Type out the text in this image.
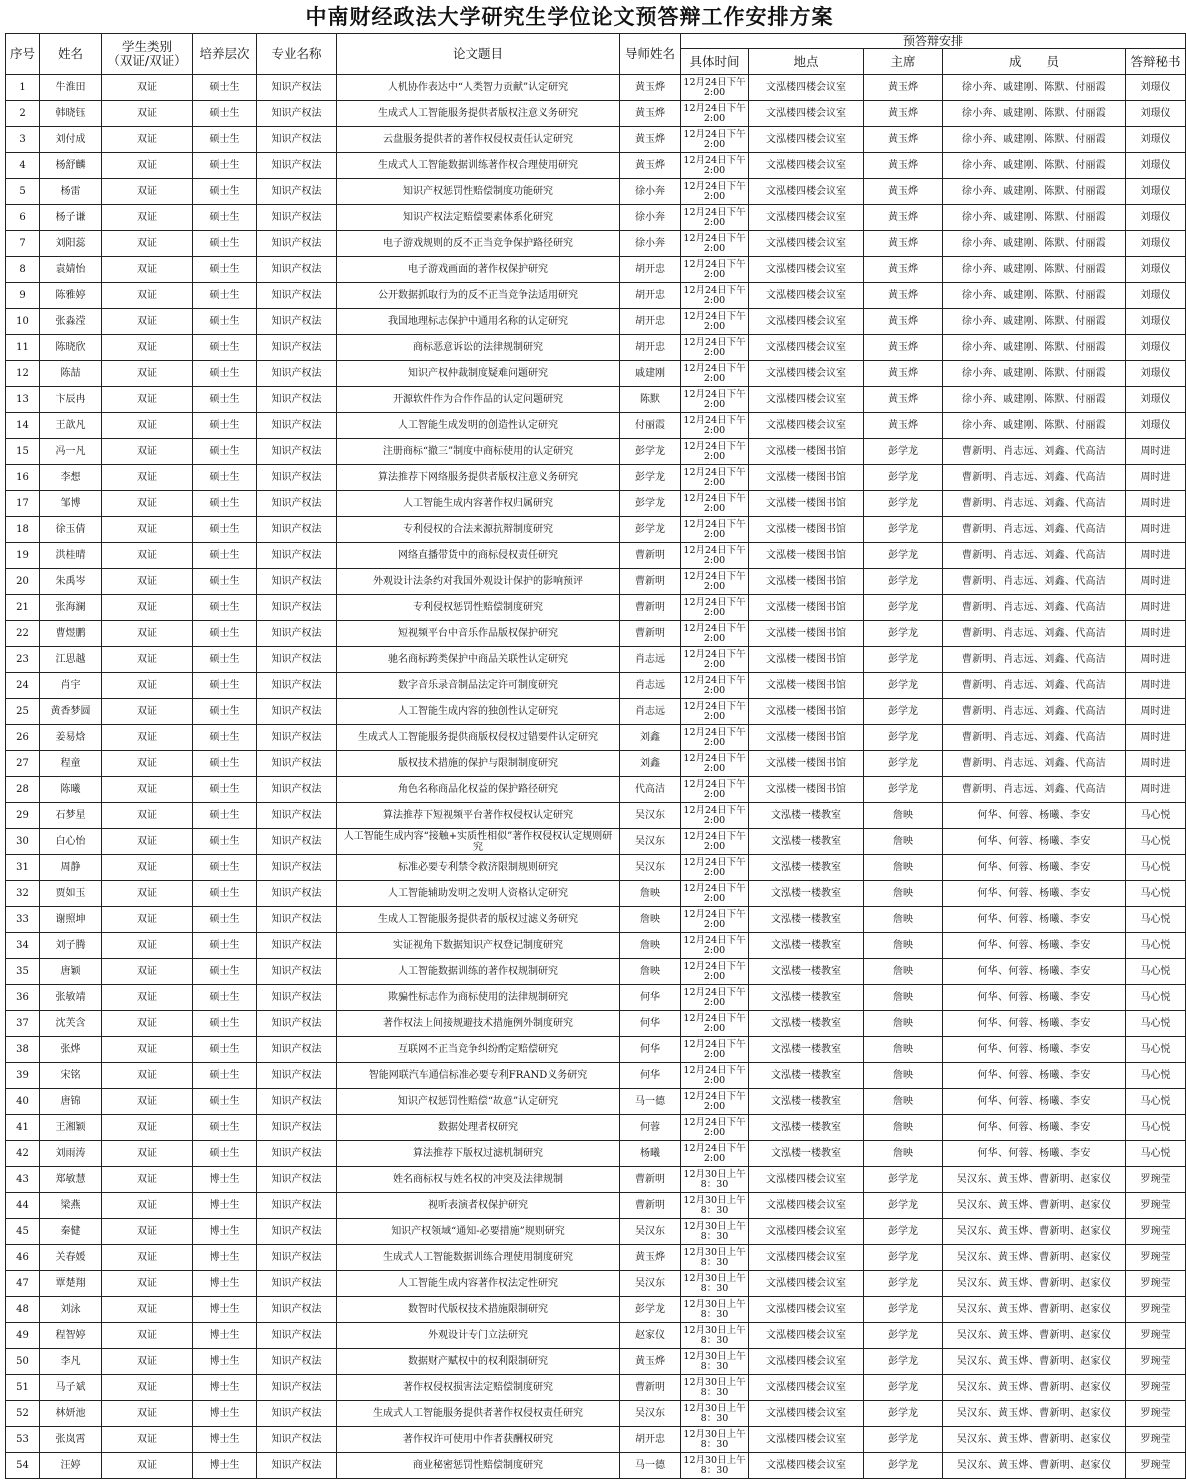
中南财经政法大学研究生学位论文预答辩工作安排方案
序号	姓名	学生类别
（双证/双证）	培养层次	专业名称	论文题目	导师姓名	预答辩安排				
							具体时间	地点	主席	成　　员	答辩秘书
1	牛淮田	双证	硕士生	知识产权法	人机协作表达中“人类智力贡献”认定研究	黄玉烨	12月24日下午
2:00	文泓楼四楼会议室	黄玉烨	徐小奔、戚建刚、陈默、付丽霞	刘璟仪
2	韩晓钰	双证	硕士生	知识产权法	生成式人工智能服务提供者版权注意义务研究	黄玉烨	12月24日下午
2:00	文泓楼四楼会议室	黄玉烨	徐小奔、戚建刚、陈默、付丽霞	刘璟仪
3	刘付成	双证	硕士生	知识产权法	云盘服务提供者的著作权侵权责任认定研究	黄玉烨	12月24日下午
2:00	文泓楼四楼会议室	黄玉烨	徐小奔、戚建刚、陈默、付丽霞	刘璟仪
4	杨舒麟	双证	硕士生	知识产权法	生成式人工智能数据训练著作权合理使用研究	黄玉烨	12月24日下午
2:00	文泓楼四楼会议室	黄玉烨	徐小奔、戚建刚、陈默、付丽霞	刘璟仪
5	杨雷	双证	硕士生	知识产权法	知识产权惩罚性赔偿制度功能研究	徐小奔	12月24日下午
2:00	文泓楼四楼会议室	黄玉烨	徐小奔、戚建刚、陈默、付丽霞	刘璟仪
6	杨子谦	双证	硕士生	知识产权法	知识产权法定赔偿要素体系化研究	徐小奔	12月24日下午
2:00	文泓楼四楼会议室	黄玉烨	徐小奔、戚建刚、陈默、付丽霞	刘璟仪
7	刘阳蕊	双证	硕士生	知识产权法	电子游戏规则的反不正当竞争保护路径研究	徐小奔	12月24日下午
2:00	文泓楼四楼会议室	黄玉烨	徐小奔、戚建刚、陈默、付丽霞	刘璟仪
8	袁婧怡	双证	硕士生	知识产权法	电子游戏画面的著作权保护研究	胡开忠	12月24日下午
2:00	文泓楼四楼会议室	黄玉烨	徐小奔、戚建刚、陈默、付丽霞	刘璟仪
9	陈雅婷	双证	硕士生	知识产权法	公开数据抓取行为的反不正当竞争法适用研究	胡开忠	12月24日下午
2:00	文泓楼四楼会议室	黄玉烨	徐小奔、戚建刚、陈默、付丽霞	刘璟仪
10	张淼滢	双证	硕士生	知识产权法	我国地理标志保护中通用名称的认定研究	胡开忠	12月24日下午
2:00	文泓楼四楼会议室	黄玉烨	徐小奔、戚建刚、陈默、付丽霞	刘璟仪
11	陈晓欣	双证	硕士生	知识产权法	商标恶意诉讼的法律规制研究	胡开忠	12月24日下午
2:00	文泓楼四楼会议室	黄玉烨	徐小奔、戚建刚、陈默、付丽霞	刘璟仪
12	陈喆	双证	硕士生	知识产权法	知识产权仲裁制度疑难问题研究	戚建刚	12月24日下午
2:00	文泓楼四楼会议室	黄玉烨	徐小奔、戚建刚、陈默、付丽霞	刘璟仪
13	卞辰冉	双证	硕士生	知识产权法	开源软件作为合作作品的认定问题研究	陈默	12月24日下午
2:00	文泓楼四楼会议室	黄玉烨	徐小奔、戚建刚、陈默、付丽霞	刘璟仪
14	王歆凡	双证	硕士生	知识产权法	人工智能生成发明的创造性认定研究	付丽霞	12月24日下午
2:00	文泓楼四楼会议室	黄玉烨	徐小奔、戚建刚、陈默、付丽霞	刘璟仪
15	冯一凡	双证	硕士生	知识产权法	注册商标“撤三”制度中商标使用的认定研究	彭学龙	12月24日下午
2:00	文泓楼一楼图书馆	彭学龙	曹新明、肖志远、刘鑫、代高洁	周时进
16	李想	双证	硕士生	知识产权法	算法推荐下网络服务提供者版权注意义务研究	彭学龙	12月24日下午
2:00	文泓楼一楼图书馆	彭学龙	曹新明、肖志远、刘鑫、代高洁	周时进
17	邹博	双证	硕士生	知识产权法	人工智能生成内容著作权归属研究	彭学龙	12月24日下午
2:00	文泓楼一楼图书馆	彭学龙	曹新明、肖志远、刘鑫、代高洁	周时进
18	徐玉倩	双证	硕士生	知识产权法	专利侵权的合法来源抗辩制度研究	彭学龙	12月24日下午
2:00	文泓楼一楼图书馆	彭学龙	曹新明、肖志远、刘鑫、代高洁	周时进
19	洪桂晴	双证	硕士生	知识产权法	网络直播带货中的商标侵权责任研究	曹新明	12月24日下午
2:00	文泓楼一楼图书馆	彭学龙	曹新明、肖志远、刘鑫、代高洁	周时进
20	朱禹岑	双证	硕士生	知识产权法	外观设计法条约对我国外观设计保护的影响预评	曹新明	12月24日下午
2:00	文泓楼一楼图书馆	彭学龙	曹新明、肖志远、刘鑫、代高洁	周时进
21	张海澜	双证	硕士生	知识产权法	专利侵权惩罚性赔偿制度研究	曹新明	12月24日下午
2:00	文泓楼一楼图书馆	彭学龙	曹新明、肖志远、刘鑫、代高洁	周时进
22	曹煜鹏	双证	硕士生	知识产权法	短视频平台中音乐作品版权保护研究	曹新明	12月24日下午
2:00	文泓楼一楼图书馆	彭学龙	曹新明、肖志远、刘鑫、代高洁	周时进
23	江思越	双证	硕士生	知识产权法	驰名商标跨类保护中商品关联性认定研究	肖志远	12月24日下午
2:00	文泓楼一楼图书馆	彭学龙	曹新明、肖志远、刘鑫、代高洁	周时进
24	肖宇	双证	硕士生	知识产权法	数字音乐录音制品法定许可制度研究	肖志远	12月24日下午
2:00	文泓楼一楼图书馆	彭学龙	曹新明、肖志远、刘鑫、代高洁	周时进
25	黄香梦圆	双证	硕士生	知识产权法	人工智能生成内容的独创性认定研究	肖志远	12月24日下午
2:00	文泓楼一楼图书馆	彭学龙	曹新明、肖志远、刘鑫、代高洁	周时进
26	姜易焓	双证	硕士生	知识产权法	生成式人工智能服务提供商版权侵权过错要件认定研究	刘鑫	12月24日下午
2:00	文泓楼一楼图书馆	彭学龙	曹新明、肖志远、刘鑫、代高洁	周时进
27	程童	双证	硕士生	知识产权法	版权技术措施的保护与限制制度研究	刘鑫	12月24日下午
2:00	文泓楼一楼图书馆	彭学龙	曹新明、肖志远、刘鑫、代高洁	周时进
28	陈曦	双证	硕士生	知识产权法	角色名称商品化权益的保护路径研究	代高洁	12月24日下午
2:00	文泓楼一楼图书馆	彭学龙	曹新明、肖志远、刘鑫、代高洁	周时进
29	石梦星	双证	硕士生	知识产权法	算法推荐下短视频平台著作权侵权认定研究	吴汉东	12月24日下午
2:00	文泓楼一楼教室	詹映	何华、何蓉、杨曦、李安	马心悦
30	白心怡	双证	硕士生	知识产权法	人工智能生成内容“接触+实质性相似”著作权侵权认定规则研究	吴汉东	12月24日下午
2:00	文泓楼一楼教室	詹映	何华、何蓉、杨曦、李安	马心悦
31	周静	双证	硕士生	知识产权法	标准必要专利禁令救济限制规则研究	吴汉东	12月24日下午
2:00	文泓楼一楼教室	詹映	何华、何蓉、杨曦、李安	马心悦
32	贾如玉	双证	硕士生	知识产权法	人工智能辅助发明之发明人资格认定研究	詹映	12月24日下午
2:00	文泓楼一楼教室	詹映	何华、何蓉、杨曦、李安	马心悦
33	谢照坤	双证	硕士生	知识产权法	生成人工智能服务提供者的版权过滤义务研究	詹映	12月24日下午
2:00	文泓楼一楼教室	詹映	何华、何蓉、杨曦、李安	马心悦
34	刘子腾	双证	硕士生	知识产权法	实证视角下数据知识产权登记制度研究	詹映	12月24日下午
2:00	文泓楼一楼教室	詹映	何华、何蓉、杨曦、李安	马心悦
35	唐颖	双证	硕士生	知识产权法	人工智能数据训练的著作权规制研究	詹映	12月24日下午
2:00	文泓楼一楼教室	詹映	何华、何蓉、杨曦、李安	马心悦
36	张敏靖	双证	硕士生	知识产权法	欺骗性标志作为商标使用的法律规制研究	何华	12月24日下午
2:00	文泓楼一楼教室	詹映	何华、何蓉、杨曦、李安	马心悦
37	沈芙含	双证	硕士生	知识产权法	著作权法上间接规避技术措施例外制度研究	何华	12月24日下午
2:00	文泓楼一楼教室	詹映	何华、何蓉、杨曦、李安	马心悦
38	张烨	双证	硕士生	知识产权法	互联网不正当竞争纠纷酌定赔偿研究	何华	12月24日下午
2:00	文泓楼一楼教室	詹映	何华、何蓉、杨曦、李安	马心悦
39	宋铭	双证	硕士生	知识产权法	智能网联汽车通信标准必要专利FRAND义务研究	何华	12月24日下午
2:00	文泓楼一楼教室	詹映	何华、何蓉、杨曦、李安	马心悦
40	唐锦	双证	硕士生	知识产权法	知识产权惩罚性赔偿“故意”认定研究	马一德	12月24日下午
2:00	文泓楼一楼教室	詹映	何华、何蓉、杨曦、李安	马心悦
41	王湘颖	双证	硕士生	知识产权法	数据处理者权研究	何蓉	12月24日下午
2:00	文泓楼一楼教室	詹映	何华、何蓉、杨曦、李安	马心悦
42	刘雨涛	双证	硕士生	知识产权法	算法推荐下版权过滤机制研究	杨曦	12月24日下午
2:00	文泓楼一楼教室	詹映	何华、何蓉、杨曦、李安	马心悦
43	郑敏慧	双证	博士生	知识产权法	姓名商标权与姓名权的冲突及法律规制	曹新明	12月30日上午
8：30	文泓楼四楼会议室	彭学龙	吴汉东、黄玉烨、曹新明、赵家仪	罗琬莹
44	梁燕	双证	博士生	知识产权法	视听表演者权保护研究	曹新明	12月30日上午
8：30	文泓楼四楼会议室	彭学龙	吴汉东、黄玉烨、曹新明、赵家仪	罗琬莹
45	秦健	双证	博士生	知识产权法	知识产权领域“通知-必要措施”规则研究	吴汉东	12月30日上午
8：30	文泓楼四楼会议室	彭学龙	吴汉东、黄玉烨、曹新明、赵家仪	罗琬莹
46	关春媛	双证	博士生	知识产权法	生成式人工智能数据训练合理使用制度研究	黄玉烨	12月30日上午
8：30	文泓楼四楼会议室	彭学龙	吴汉东、黄玉烨、曹新明、赵家仪	罗琬莹
47	覃楚翔	双证	博士生	知识产权法	人工智能生成内容著作权法定性研究	吴汉东	12月30日上午
8：30	文泓楼四楼会议室	彭学龙	吴汉东、黄玉烨、曹新明、赵家仪	罗琬莹
48	刘泳	双证	博士生	知识产权法	数智时代版权技术措施限制研究	彭学龙	12月30日上午
8：30	文泓楼四楼会议室	彭学龙	吴汉东、黄玉烨、曹新明、赵家仪	罗琬莹
49	程智婷	双证	博士生	知识产权法	外观设计专门立法研究	赵家仪	12月30日上午
8：30	文泓楼四楼会议室	彭学龙	吴汉东、黄玉烨、曹新明、赵家仪	罗琬莹
50	李凡	双证	博士生	知识产权法	数据财产赋权中的权利限制研究	黄玉烨	12月30日上午
8：30	文泓楼四楼会议室	彭学龙	吴汉东、黄玉烨、曹新明、赵家仪	罗琬莹
51	马子斌	双证	博士生	知识产权法	著作权侵权损害法定赔偿制度研究	曹新明	12月30日上午
8：30	文泓楼四楼会议室	彭学龙	吴汉东、黄玉烨、曹新明、赵家仪	罗琬莹
52	林妍池	双证	博士生	知识产权法	生成式人工智能服务提供者著作权侵权责任研究	吴汉东	12月30日上午
8：30	文泓楼四楼会议室	彭学龙	吴汉东、黄玉烨、曹新明、赵家仪	罗琬莹
53	张岚霄	双证	博士生	知识产权法	著作权许可使用中作者获酬权研究	胡开忠	12月30日上午
8：30	文泓楼四楼会议室	彭学龙	吴汉东、黄玉烨、曹新明、赵家仪	罗琬莹
54	汪婷	双证	博士生	知识产权法	商业秘密惩罚性赔偿制度研究	马一德	12月30日上午
8：30	文泓楼四楼会议室	彭学龙	吴汉东、黄玉烨、曹新明、赵家仪	罗琬莹
